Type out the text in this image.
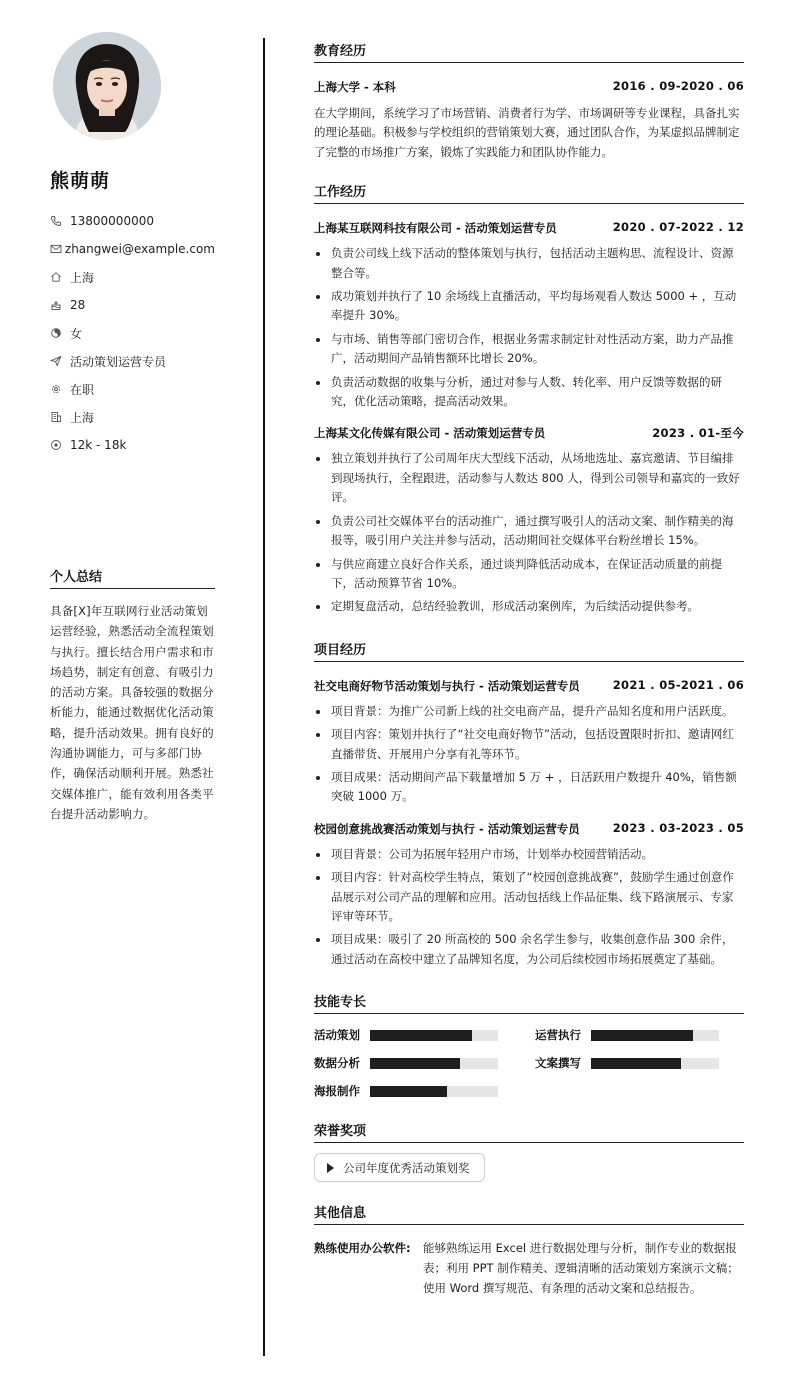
熊萌萌
13800000000
zhangwei@example.com
上海
28
女
活动策划运营专员
在职
上海
12k - 18k
个人总结
具备[X]年互联网行业活动策划运营经验，熟悉活动全流程策划与执行。擅长结合用户需求和市场趋势，制定有创意、有吸引力的活动方案。具备较强的数据分析能力，能通过数据优化活动策略，提升活动效果。拥有良好的沟通协调能力，可与多部门协作，确保活动顺利开展。熟悉社交媒体推广，能有效利用各类平台提升活动影响力。
教育经历
上海大学 - 本科	2016 . 09-2020 . 06
在大学期间，系统学习了市场营销、消费者行为学、市场调研等专业课程，具备扎实的理论基础。积极参与学校组织的营销策划大赛，通过团队合作，为某虚拟品牌制定了完整的市场推广方案，锻炼了实践能力和团队协作能力。
工作经历
上海某互联网科技有限公司 - 活动策划运营专员	2020 . 07-2022 . 12
负责公司线上线下活动的整体策划与执行，包括活动主题构思、流程设计、资源整合等。
成功策划并执行了 10 余场线上直播活动，平均每场观看人数达 5000 + ，互动率提升 30%。
与市场、销售等部门密切合作，根据业务需求制定针对性活动方案，助力产品推广，活动期间产品销售额环比增长 20%。
负责活动数据的收集与分析，通过对参与人数、转化率、用户反馈等数据的研究，优化活动策略，提高活动效果。
上海某文化传媒有限公司 - 活动策划运营专员	2023 . 01-至今
独立策划并执行了公司周年庆大型线下活动，从场地选址、嘉宾邀请、节目编排到现场执行，全程跟进，活动参与人数达 800 人，得到公司领导和嘉宾的一致好评。
负责公司社交媒体平台的活动推广，通过撰写吸引人的活动文案、制作精美的海报等，吸引用户关注并参与活动，活动期间社交媒体平台粉丝增长 15%。
与供应商建立良好合作关系，通过谈判降低活动成本，在保证活动质量的前提下，活动预算节省 10%。
定期复盘活动，总结经验教训，形成活动案例库，为后续活动提供参考。
项目经历
社交电商好物节活动策划与执行 - 活动策划运营专员	2021 . 05-2021 . 06
项目背景：为推广公司新上线的社交电商产品，提升产品知名度和用户活跃度。
项目内容：策划并执行了“社交电商好物节”活动，包括设置限时折扣、邀请网红直播带货、开展用户分享有礼等环节。
项目成果：活动期间产品下载量增加 5 万 + ，日活跃用户数提升 40%，销售额突破 1000 万。
校园创意挑战赛活动策划与执行 - 活动策划运营专员	2023 . 03-2023 . 05
项目背景：公司为拓展年轻用户市场，计划举办校园营销活动。
项目内容：针对高校学生特点，策划了“校园创意挑战赛”，鼓励学生通过创意作品展示对公司产品的理解和应用。活动包括线上作品征集、线下路演展示、专家评审等环节。
项目成果：吸引了 20 所高校的 500 余名学生参与，收集创意作品 300 余件，通过活动在高校中建立了品牌知名度，为公司后续校园市场拓展奠定了基础。
技能专长
活动策划	运营执行
数据分析	文案撰写
海报制作
荣誉奖项
公司年度优秀活动策划奖
其他信息
熟练使用办公软件:	能够熟练运用 Excel 进行数据处理与分析，制作专业的数据报表；利用 PPT 制作精美、逻辑清晰的活动策划方案演示文稿；使用 Word 撰写规范、有条理的活动文案和总结报告。
